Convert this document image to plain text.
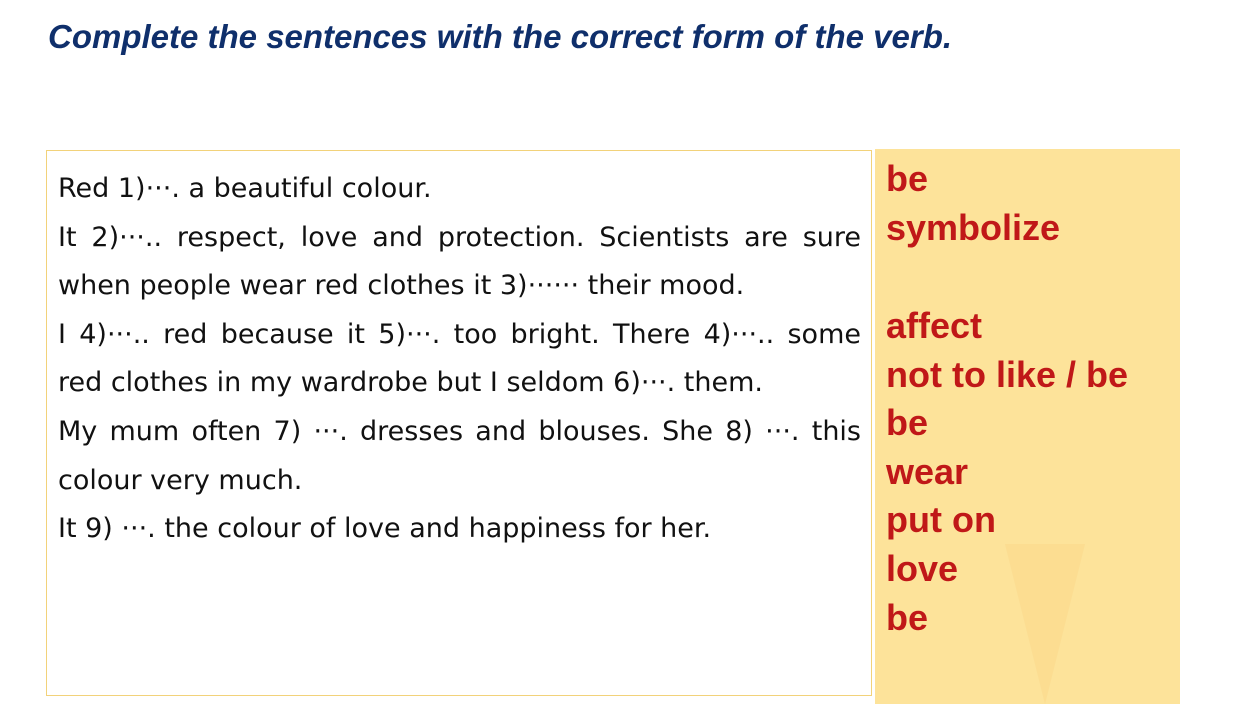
Complete the sentences with the correct form of the verb.

Red 1)···. a beautiful colour.

It 2)···.. respect, love and protection. Scientists are sure when people wear red clothes it 3)······ their mood.

I 4)···.. red because it 5)···. too bright. There 4)···.. some red clothes in my wardrobe but I seldom 6)···. them.

My mum often 7) ···. dresses and blouses. She 8) ···. this colour very much.

It 9) ···. the colour of love and happiness for her.

be
symbolize
affect
not to like / be
be
wear
put on
love
be
